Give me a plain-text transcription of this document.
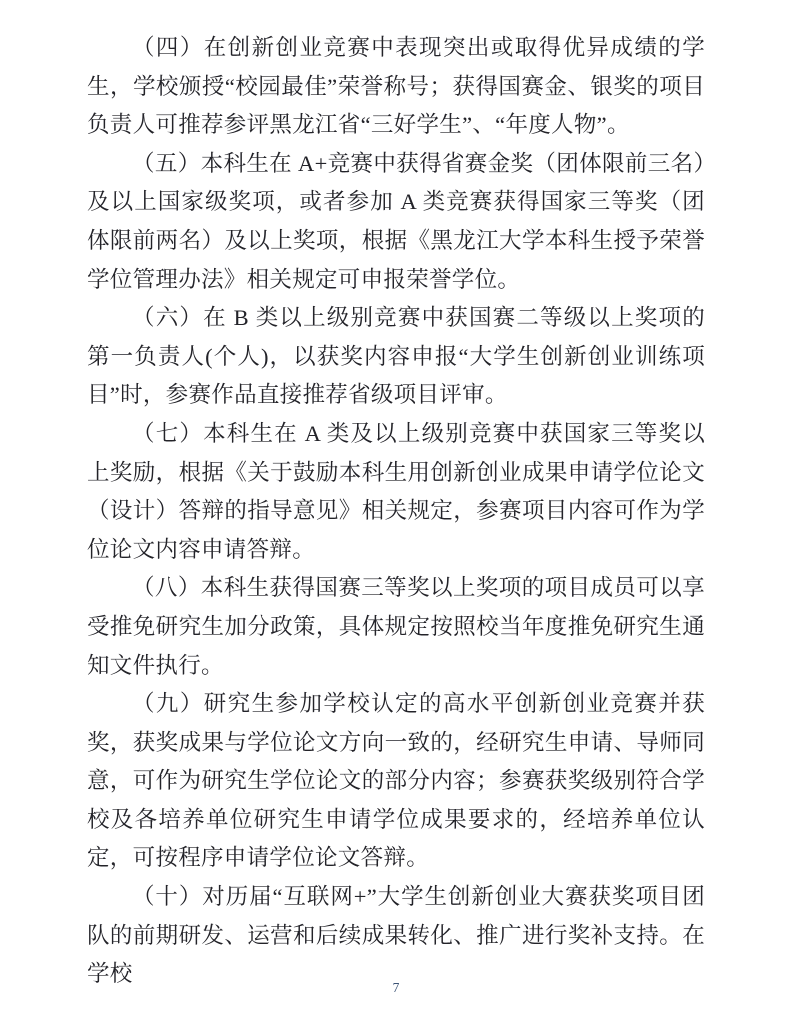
（四）在创新创业竞赛中表现突出或取得优异成绩的学生，学校颁授“校园最佳”荣誉称号；获得国赛金、银奖的项目负责人可推荐参评黑龙江省“三好学生”、“年度人物”。

（五）本科生在 A+竞赛中获得省赛金奖（团体限前三名）及以上国家级奖项，或者参加 A 类竞赛获得国家三等奖（团体限前两名）及以上奖项，根据《黑龙江大学本科生授予荣誉学位管理办法》相关规定可申报荣誉学位。

（六）在 B 类以上级别竞赛中获国赛二等级以上奖项的第一负责人(个人)，以获奖内容申报“大学生创新创业训练项目”时，参赛作品直接推荐省级项目评审。

（七）本科生在 A 类及以上级别竞赛中获国家三等奖以上奖励，根据《关于鼓励本科生用创新创业成果申请学位论文（设计）答辩的指导意见》相关规定，参赛项目内容可作为学位论文内容申请答辩。

（八）本科生获得国赛三等奖以上奖项的项目成员可以享受推免研究生加分政策，具体规定按照校当年度推免研究生通知文件执行。

（九）研究生参加学校认定的高水平创新创业竞赛并获奖，获奖成果与学位论文方向一致的，经研究生申请、导师同意，可作为研究生学位论文的部分内容；参赛获奖级别符合学校及各培养单位研究生申请学位成果要求的，经培养单位认定，可按程序申请学位论文答辩。

（十）对历届“互联网+”大学生创新创业大赛获奖项目团队的前期研发、运营和后续成果转化、推广进行奖补支持。在学校

7
